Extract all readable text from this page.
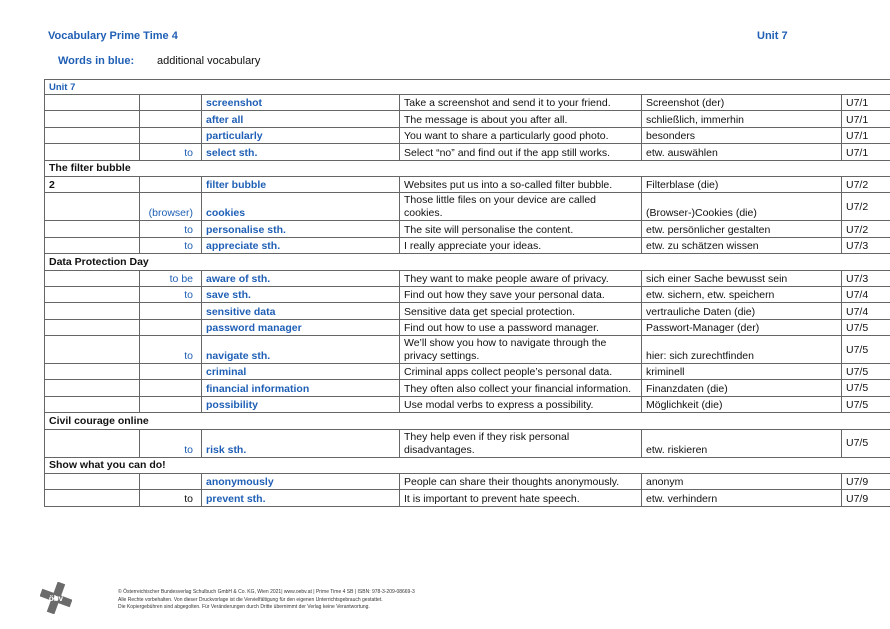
Vocabulary Prime Time 4	Unit 7
Words in blue: additional vocabulary
Unit 7					
		screenshot	Take a screenshot and send it to your friend.	Screenshot (der)	U7/1
		after all	The message is about you after all.	schließlich, immerhin	U7/1
		particularly	You want to share a particularly good photo.	besonders	U7/1
	to	select sth.	Select “no” and find out if the app still works.	etw. auswählen	U7/1
The filter bubble					
2		filter bubble	Websites put us into a so-called filter bubble.	Filterblase (die)	U7/2
	(browser)	cookies	Those little files on your device are called cookies.	(Browser-)Cookies (die)	U7/2
	to	personalise sth.	The site will personalise the content.	etw. persönlicher gestalten	U7/2
	to	appreciate sth.	I really appreciate your ideas.	etw. zu schätzen wissen	U7/3
Data Protection Day					
	to be	aware of sth.	They want to make people aware of privacy.	sich einer Sache bewusst sein	U7/3
	to	save sth.	Find out how they save your personal data.	etw. sichern, etw. speichern	U7/4
		sensitive data	Sensitive data get special protection.	vertrauliche Daten (die)	U7/4
		password manager	Find out how to use a password manager.	Passwort-Manager (der)	U7/5
	to	navigate sth.	We’ll show you how to navigate through the privacy settings.	hier: sich zurechtfinden	U7/5
		criminal	Criminal apps collect people’s personal data.	kriminell	U7/5
		financial information	They often also collect your financial information.	Finanzdaten (die)	U7/5
		possibility	Use modal verbs to express a possibility.	Möglichkeit (die)	U7/5
Civil courage online					
	to	risk sth.	They help even if they risk personal disadvantages.	etw. riskieren	U7/5
Show what you can do!					
		anonymously	People can share their thoughts anonymously.	anonym	U7/9
	to	prevent sth.	It is important to prevent hate speech.	etw. verhindern	U7/9
öbv
© Österreichischer Bundesverlag Schulbuch GmbH & Co. KG, Wien 2021| www.oebv.at | Prime Time 4 SB | ISBN: 978-3-209-08669-3
Alle Rechte vorbehalten. Von dieser Druckvorlage ist die Vervielfältigung für den eigenen Unterrichtsgebrauch gestattet.
Die Kopiergebühren sind abgegolten. Für Veränderungen durch Dritte übernimmt der Verlag keine Verantwortung.
